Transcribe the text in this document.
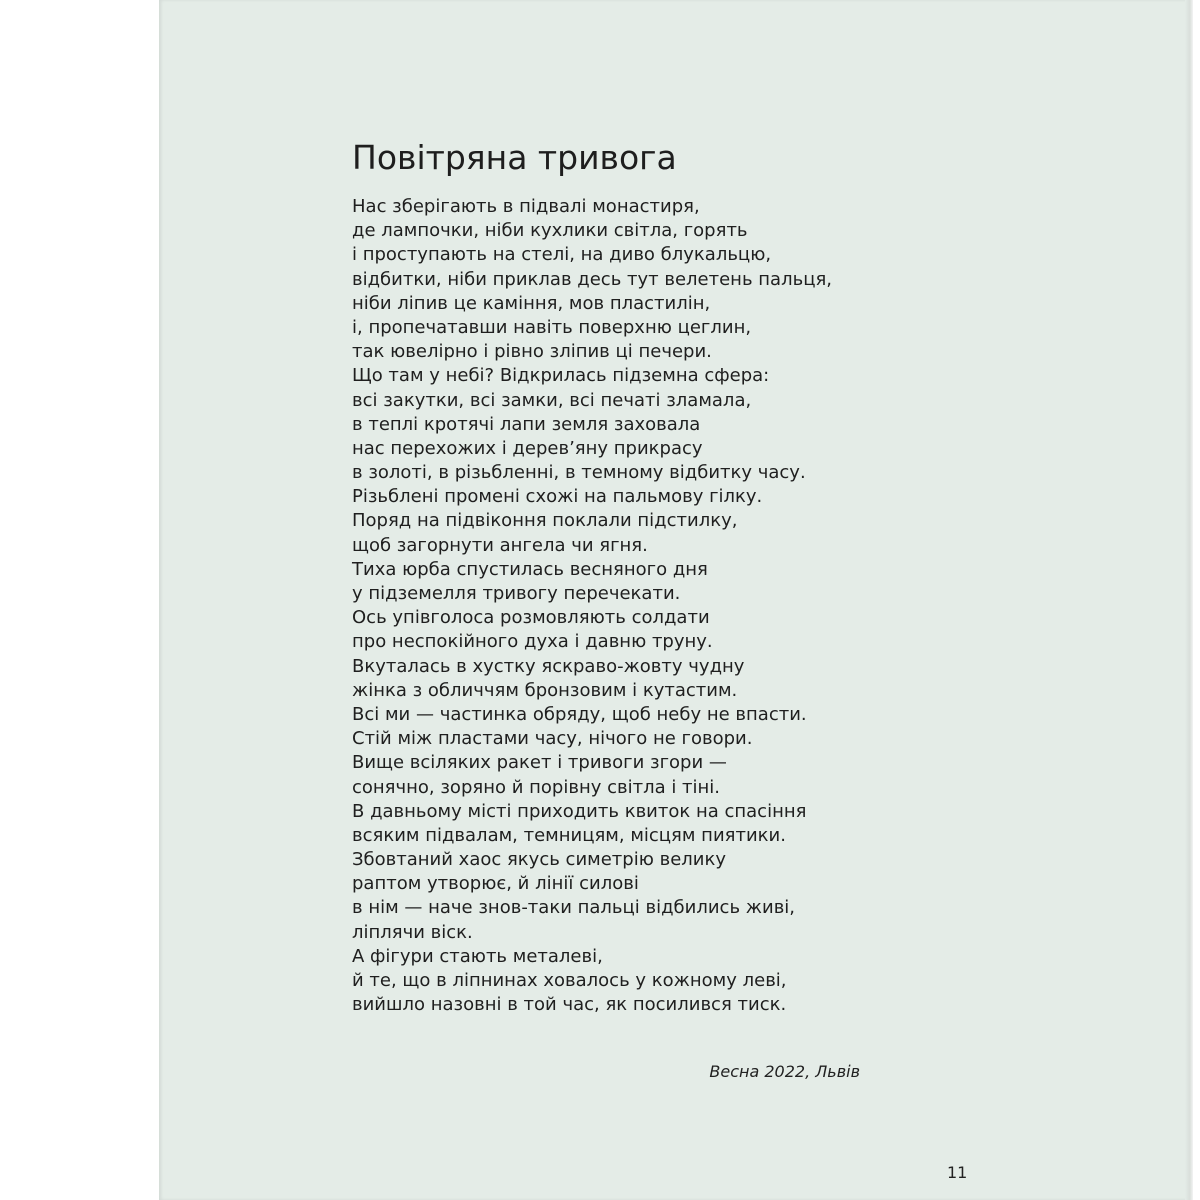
Повітряна тривога
Нас зберігають в підвалі монастиря,
де лампочки, ніби кухлики світла, горять
і проступають на стелі, на диво блукальцю,
відбитки, ніби приклав десь тут велетень пальця,
ніби ліпив це каміння, мов пластилін,
і, пропечатавши навіть поверхню цеглин,
так ювелірно і рівно зліпив ці печери.
Що там у небі? Відкрилась підземна сфера:
всі закутки, всі замки, всі печаті зламала,
в теплі кротячі лапи земля заховала
нас перехожих і дерев’яну прикрасу
в золоті, в різьбленні, в темному відбитку часу.
Різьблені промені схожі на пальмову гілку.
Поряд на підвіконня поклали підстилку,
щоб загорнути ангела чи ягня.
Тиха юрба спустилась весняного дня
у підземелля тривогу перечекати.
Ось упівголоса розмовляють солдати
про неспокійного духа і давню труну.
Вкуталась в хустку яскраво-жовту чудну
жінка з обличчям бронзовим і кутастим.
Всі ми — частинка обряду, щоб небу не впасти.
Стій між пластами часу, нічого не говори.
Вище всіляких ракет і тривоги згори —
сонячно, зоряно й порівну світла і тіні.
В давньому місті приходить квиток на спасіння
всяким підвалам, темницям, місцям пиятики.
Збовтаний хаос якусь симетрію велику
раптом утворює, й лінії силові
в нім — наче знов-таки пальці відбились живі,
ліплячи віск.
А фігури стають металеві,
й те, що в ліпнинах ховалось у кожному леві,
вийшло назовні в той час, як посилився тиск.
Весна 2022, Львів
11
